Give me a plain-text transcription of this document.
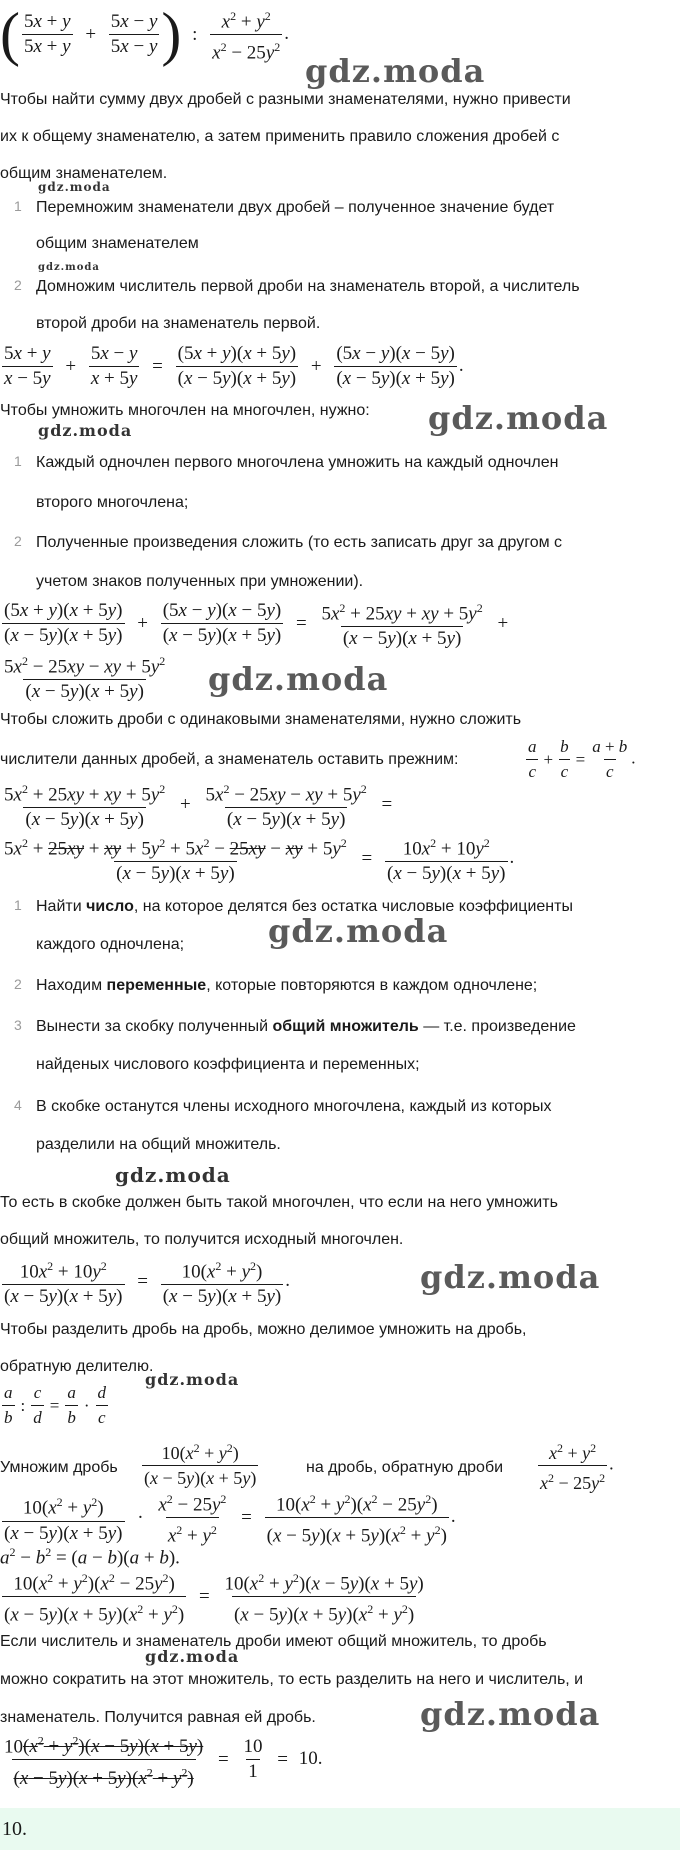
( $\frac{5x + y}{5x + y} + \frac{5x - y}{5x - y}$ ) : $\frac{x^2 + y^2}{x^2 - 25y^2}$ .
gdz.moda
Чтобы найти сумму двух дробей с разными знаменателями, нужно привести
их к общему знаменателю, а затем применить правило сложения дробей с
общим знаменателем.
gdz.moda
1 Перемножим знаменатели двух дробей – полученное значение будет
общим знаменателем
gdz.moda
2 Домножим числитель первой дроби на знаменатель второй, а числитель
второй дроби на знаменатель первой.
$\frac{5x + y}{x - 5y} + \frac{5x - y}{x + 5y} = \frac{(5x + y)(x + 5y)}{(x - 5y)(x + 5y)} + \frac{(5x - y)(x - 5y)}{(x - 5y)(x + 5y)}$ .
Чтобы умножить многочлен на многочлен, нужно: gdz.moda
gdz.moda
1 Каждый одночлен первого многочлена умножить на каждый одночлен
второго многочлена;
2 Полученные произведения сложить (то есть записать друг за другом с
учетом знаков полученных при умножении).
$\frac{(5x + y)(x + 5y)}{(x - 5y)(x + 5y)} + \frac{(5x - y)(x - 5y)}{(x - 5y)(x + 5y)} = \frac{5x^2 + 25xy + xy + 5y^2}{(x - 5y)(x + 5y)}$ +
$\frac{5x^2 - 25xy - xy + 5y^2}{(x - 5y)(x + 5y)}$ gdz.moda
Чтобы сложить дроби с одинаковыми знаменателями, нужно сложить
числители данных дробей, а знаменатель оставить прежним:	$\frac{a}{c} + \frac{b}{c} = \frac{a + b}{c}$ .
$\frac{5x^2 + 25xy + xy + 5y^2}{(x - 5y)(x + 5y)} + \frac{5x^2 - 25xy - xy + 5y^2}{(x - 5y)(x + 5y)}$ =
$\frac{5x^2 + 25xy + xy + 5y^2 + 5x^2 - 25xy - xy + 5y^2}{(x - 5y)(x + 5y)} = \frac{10x^2 + 10y^2}{(x - 5y)(x + 5y)}$ .
1 Найти число, на которое делятся без остатка числовые коэффициенты
каждого одночлена;	gdz.moda
2 Находим переменные, которые повторяются в каждом одночлене;
3 Вынести за скобку полученный общий множитель — т.е. произведение
найденых числового коэффициента и переменных;
4 В скобке останутся члены исходного многочлена, каждый из которых
разделили на общий множитель.
gdz.moda
То есть в скобке должен быть такой многочлен, что если на него умножить
общий множитель, то получится исходный многочлен.
$\frac{10x^2 + 10y^2}{(x - 5y)(x + 5y)} = \frac{10(x^2 + y^2)}{(x - 5y)(x + 5y)}$ .	gdz.moda
Чтобы разделить дробь на дробь, можно делимое умножить на дробь,
обратную делителю.
gdz.moda
$\frac{a}{b}$ : $\frac{c}{d} = \frac{a}{b} \cdot \frac{d}{c}$
Умножим дробь $\frac{10(x^2 + y^2)}{(x - 5y)(x + 5y)}$	на дробь, обратную дроби $\frac{x^2 + y^2}{x^2 - 25y^2}$ .
$\frac{10(x^2 + y^2)}{(x - 5y)(x + 5y)} \cdot \frac{x^2 - 25y^2}{x^2 + y^2} = \frac{10(x^2 + y^2)(x^2 - 25y^2)}{(x - 5y)(x + 5y)(x^2 + y^2)}$ .
$a^2 - b^2 = (a - b)(a + b)$.
$\frac{10(x^2 + y^2)(x^2 - 25y^2)}{(x - 5y)(x + 5y)(x^2 + y^2)} = \frac{10(x^2 + y^2)(x - 5y)(x + 5y)}{(x - 5y)(x + 5y)(x^2 + y^2)}$
Если числитель и знаменатель дроби имеют общий множитель, то дробь
gdz.moda
можно сократить на этот множитель, то есть разделить на него и числитель, и
знаменатель. Получится равная ей дробь.	gdz.moda
$\frac{10(x^2 + y^2)(x - 5y)(x + 5y)}{(x - 5y)(x + 5y)(x^2 + y^2)} = \frac{10}{1} = 10$.
10.
